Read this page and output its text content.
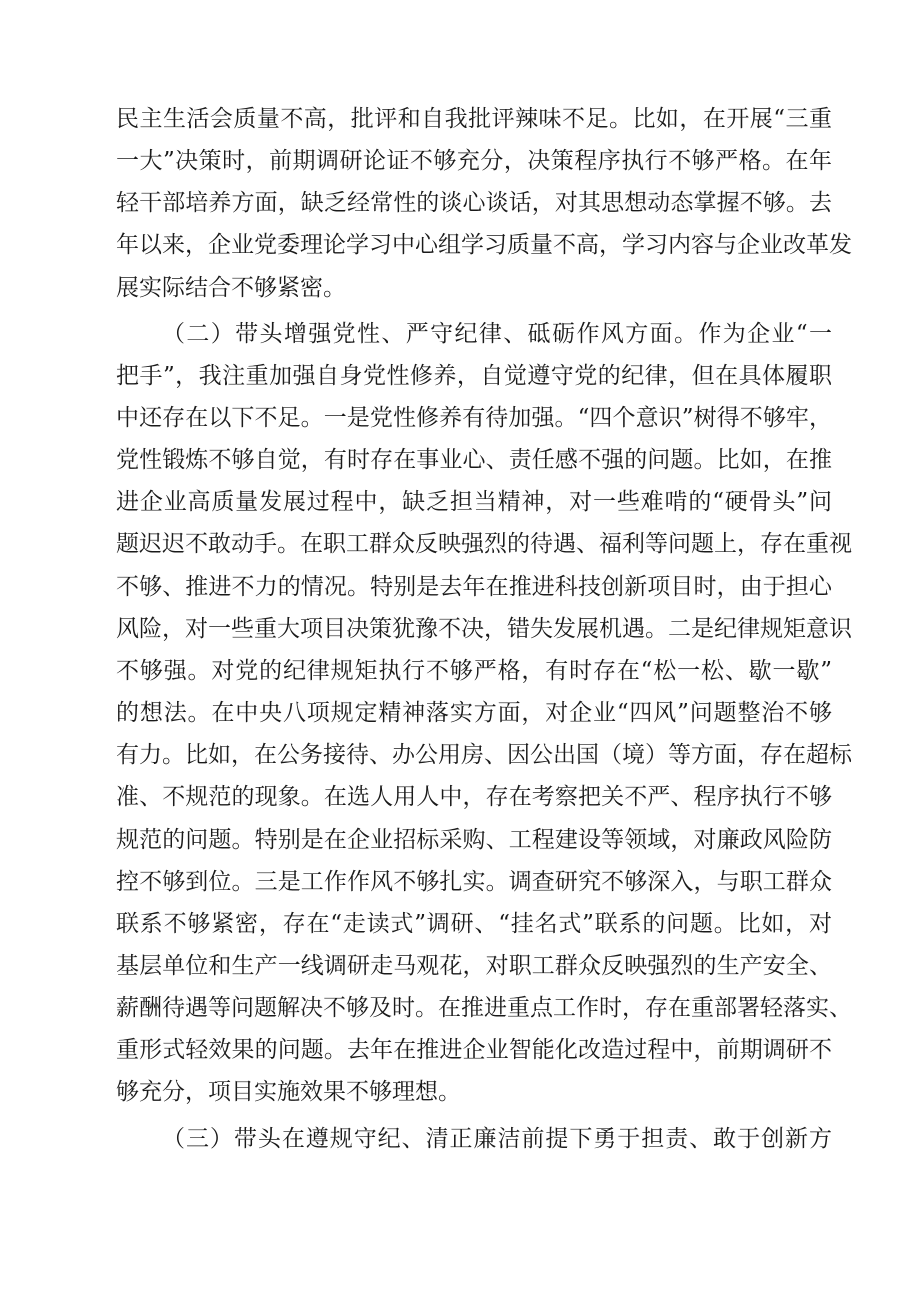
民主生活会质量不高，批评和自我批评辣味不足。比如，在开展“三重
一大”决策时，前期调研论证不够充分，决策程序执行不够严格。在年
轻干部培养方面，缺乏经常性的谈心谈话，对其思想动态掌握不够。去
年以来，企业党委理论学习中心组学习质量不高，学习内容与企业改革发
展实际结合不够紧密。
（二）带头增强党性、严守纪律、砥砺作风方面。作为企业“一
把手”，我注重加强自身党性修养，自觉遵守党的纪律，但在具体履职
中还存在以下不足。一是党性修养有待加强。“四个意识”树得不够牢，
党性锻炼不够自觉，有时存在事业心、责任感不强的问题。比如，在推
进企业高质量发展过程中，缺乏担当精神，对一些难啃的“硬骨头”问
题迟迟不敢动手。在职工群众反映强烈的待遇、福利等问题上，存在重视
不够、推进不力的情况。特别是去年在推进科技创新项目时，由于担心
风险，对一些重大项目决策犹豫不决，错失发展机遇。二是纪律规矩意识
不够强。对党的纪律规矩执行不够严格，有时存在“松一松、歇一歇”
的想法。在中央八项规定精神落实方面，对企业“四风”问题整治不够
有力。比如，在公务接待、办公用房、因公出国（境）等方面，存在超标
准、不规范的现象。在选人用人中，存在考察把关不严、程序执行不够
规范的问题。特别是在企业招标采购、工程建设等领域，对廉政风险防
控不够到位。三是工作作风不够扎实。调查研究不够深入，与职工群众
联系不够紧密，存在“走读式”调研、“挂名式”联系的问题。比如，对
基层单位和生产一线调研走马观花，对职工群众反映强烈的生产安全、
薪酬待遇等问题解决不够及时。在推进重点工作时，存在重部署轻落实、
重形式轻效果的问题。去年在推进企业智能化改造过程中，前期调研不
够充分，项目实施效果不够理想。
（三）带头在遵规守纪、清正廉洁前提下勇于担责、敢于创新方
